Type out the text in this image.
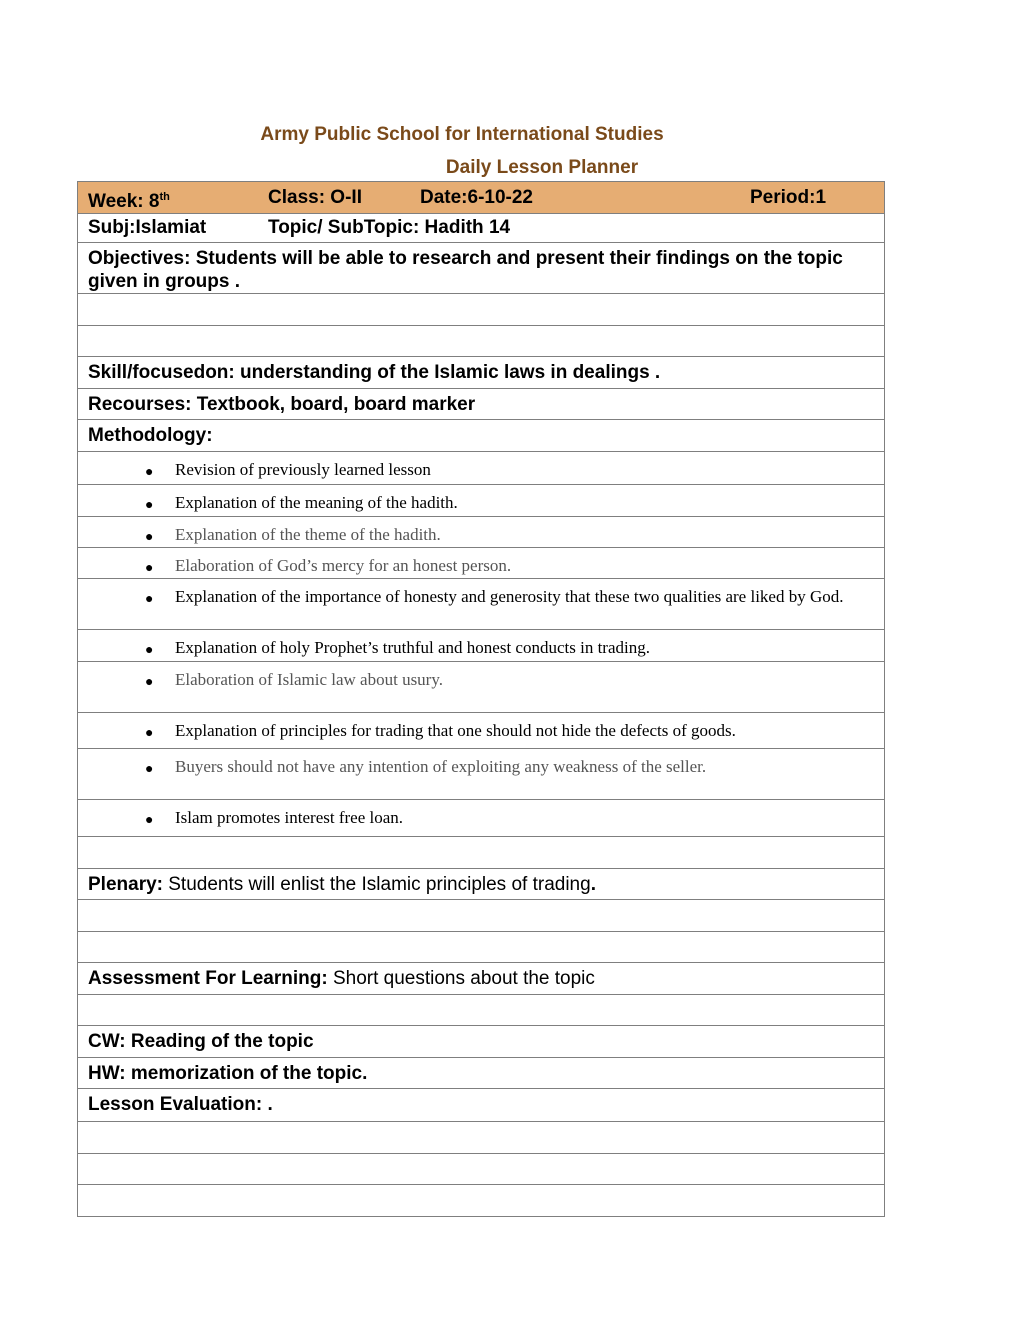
Army Public School for International Studies
Daily Lesson Planner
Week: 8th	Class: O-II	Date:6-10-22	Period:1

Subj:Islamiat	Topic/ SubTopic: Hadith 14

Objectives: Students will be able to research and present their findings on the topic given in groups .

Skill/focusedon: understanding of the Islamic laws in dealings .
Recourses: Textbook, board, board marker
Methodology:

● Revision of previously learned lesson

● Explanation of the meaning of the hadith.

● Explanation of the theme of the hadith.

● Elaboration of God’s mercy for an honest person.

● Explanation of the importance of honesty and generosity that these two qualities are liked by God.

● Explanation of holy Prophet’s truthful and honest conducts in trading.

● Elaboration of Islamic law about usury.

● Explanation of principles for trading that one should not hide the defects of goods.

● Buyers should not have any intention of exploiting any weakness of the seller.

● Islam promotes interest free loan.

Plenary: Students will enlist the Islamic principles of trading.

Assessment For Learning: Short questions about the topic

CW: Reading of the topic
HW: memorization of the topic.
Lesson Evaluation: .
